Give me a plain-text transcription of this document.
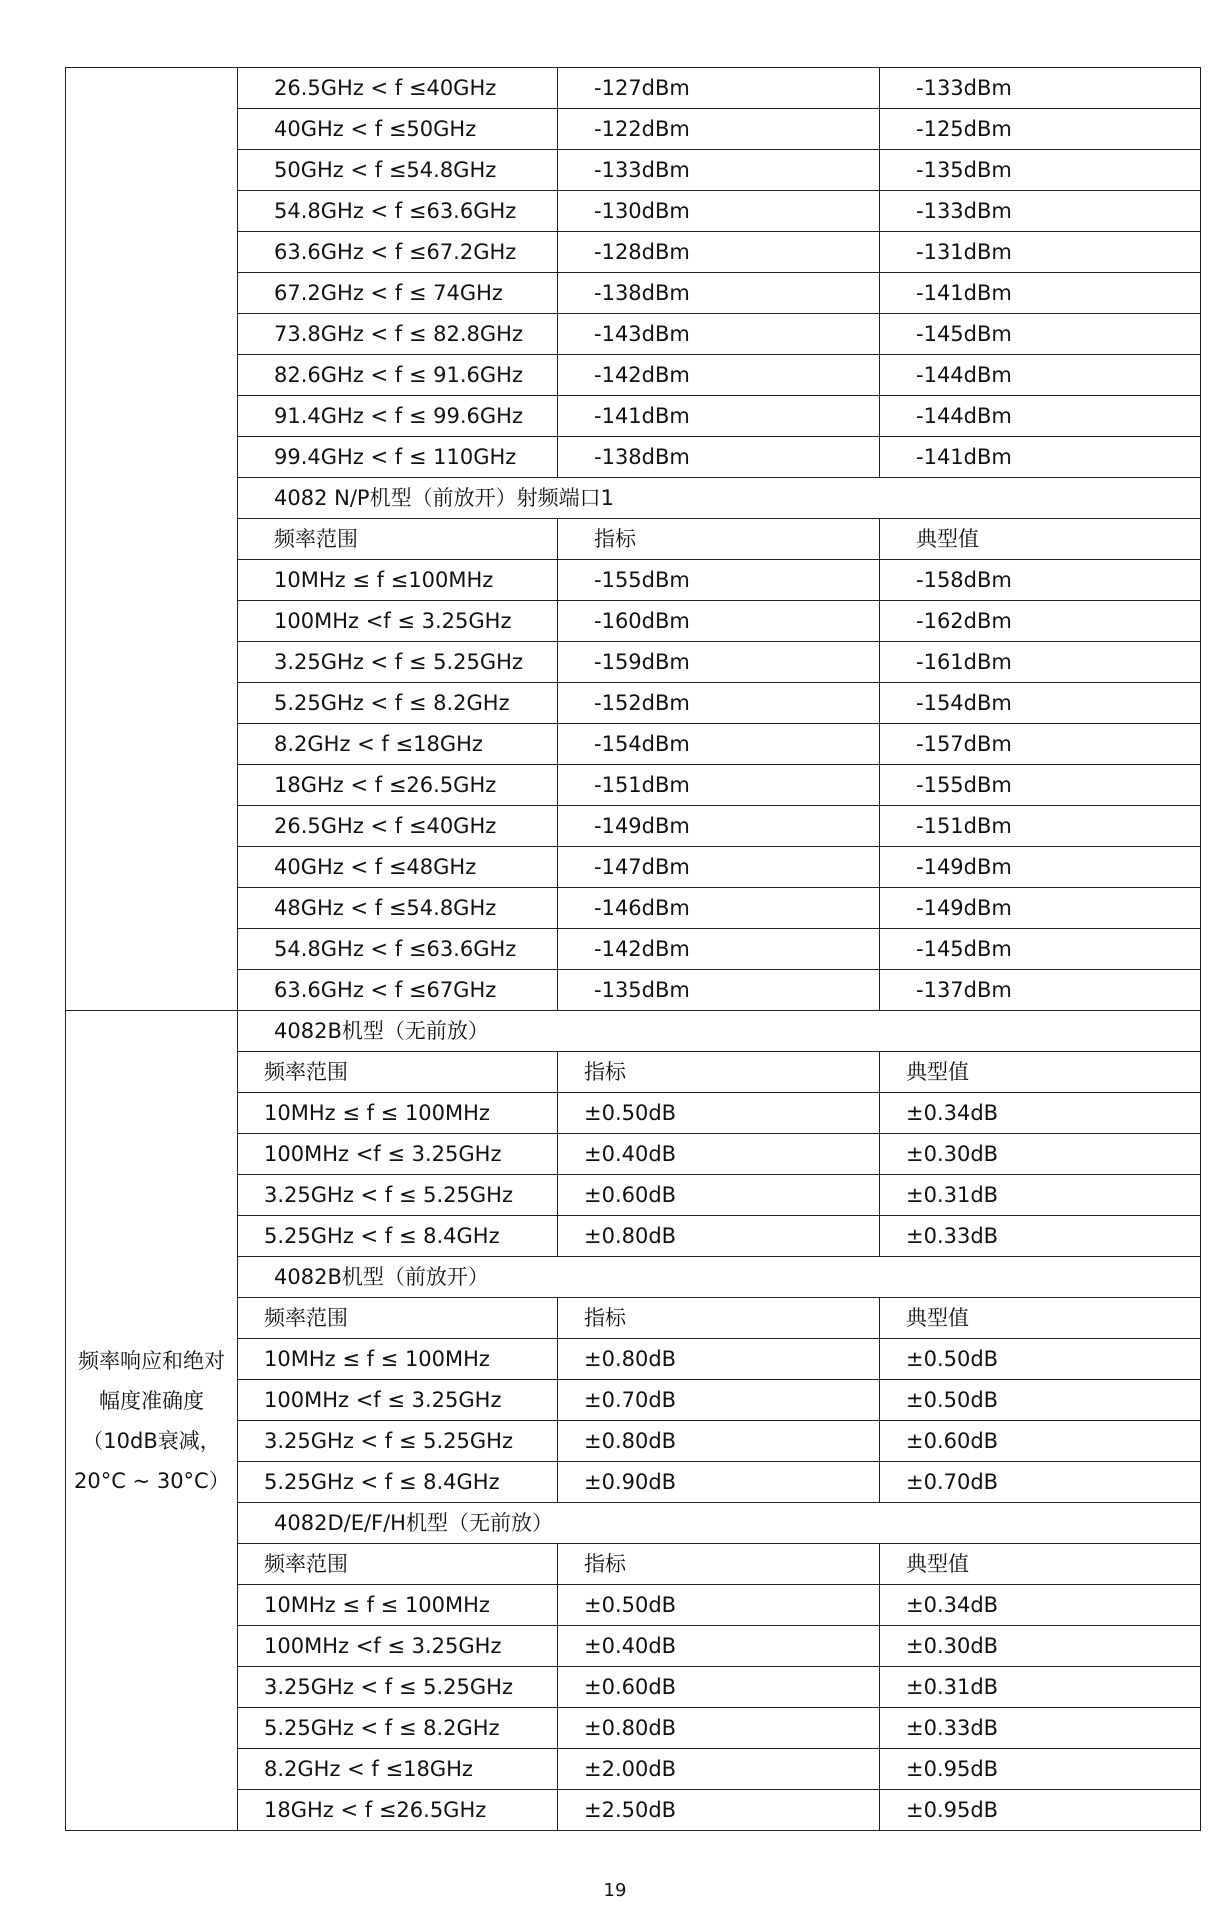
	26.5GHz < f ≤40GHz	-127dBm	-133dBm
	40GHz < f ≤50GHz	-122dBm	-125dBm
	50GHz < f ≤54.8GHz	-133dBm	-135dBm
	54.8GHz < f ≤63.6GHz	-130dBm	-133dBm
	63.6GHz < f ≤67.2GHz	-128dBm	-131dBm
	67.2GHz < f ≤ 74GHz	-138dBm	-141dBm
	73.8GHz < f ≤ 82.8GHz	-143dBm	-145dBm
	82.6GHz < f ≤ 91.6GHz	-142dBm	-144dBm
	91.4GHz < f ≤ 99.6GHz	-141dBm	-144dBm
	99.4GHz < f ≤ 110GHz	-138dBm	-141dBm
	4082 N/P机型（前放开）射频端口1		
	频率范围	指标	典型值
	10MHz ≤ f ≤100MHz	-155dBm	-158dBm
	100MHz <f ≤ 3.25GHz	-160dBm	-162dBm
	3.25GHz < f ≤ 5.25GHz	-159dBm	-161dBm
	5.25GHz < f ≤ 8.2GHz	-152dBm	-154dBm
	8.2GHz < f ≤18GHz	-154dBm	-157dBm
	18GHz < f ≤26.5GHz	-151dBm	-155dBm
	26.5GHz < f ≤40GHz	-149dBm	-151dBm
	40GHz < f ≤48GHz	-147dBm	-149dBm
	48GHz < f ≤54.8GHz	-146dBm	-149dBm
	54.8GHz < f ≤63.6GHz	-142dBm	-145dBm
	63.6GHz < f ≤67GHz	-135dBm	-137dBm
频率响应和绝对幅度准确度（10dB衰减，20°C ~ 30°C）	4082B机型（无前放）		
	频率范围	指标	典型值
	10MHz ≤ f ≤ 100MHz	±0.50dB	±0.34dB
	100MHz <f ≤ 3.25GHz	±0.40dB	±0.30dB
	3.25GHz < f ≤ 5.25GHz	±0.60dB	±0.31dB
	5.25GHz < f ≤ 8.4GHz	±0.80dB	±0.33dB
	4082B机型（前放开）		
	频率范围	指标	典型值
	10MHz ≤ f ≤ 100MHz	±0.80dB	±0.50dB
	100MHz <f ≤ 3.25GHz	±0.70dB	±0.50dB
	3.25GHz < f ≤ 5.25GHz	±0.80dB	±0.60dB
	5.25GHz < f ≤ 8.4GHz	±0.90dB	±0.70dB
	4082D/E/F/H机型（无前放）		
	频率范围	指标	典型值
	10MHz ≤ f ≤ 100MHz	±0.50dB	±0.34dB
	100MHz <f ≤ 3.25GHz	±0.40dB	±0.30dB
	3.25GHz < f ≤ 5.25GHz	±0.60dB	±0.31dB
	5.25GHz < f ≤ 8.2GHz	±0.80dB	±0.33dB
	8.2GHz < f ≤18GHz	±2.00dB	±0.95dB
	18GHz < f ≤26.5GHz	±2.50dB	±0.95dB
19
